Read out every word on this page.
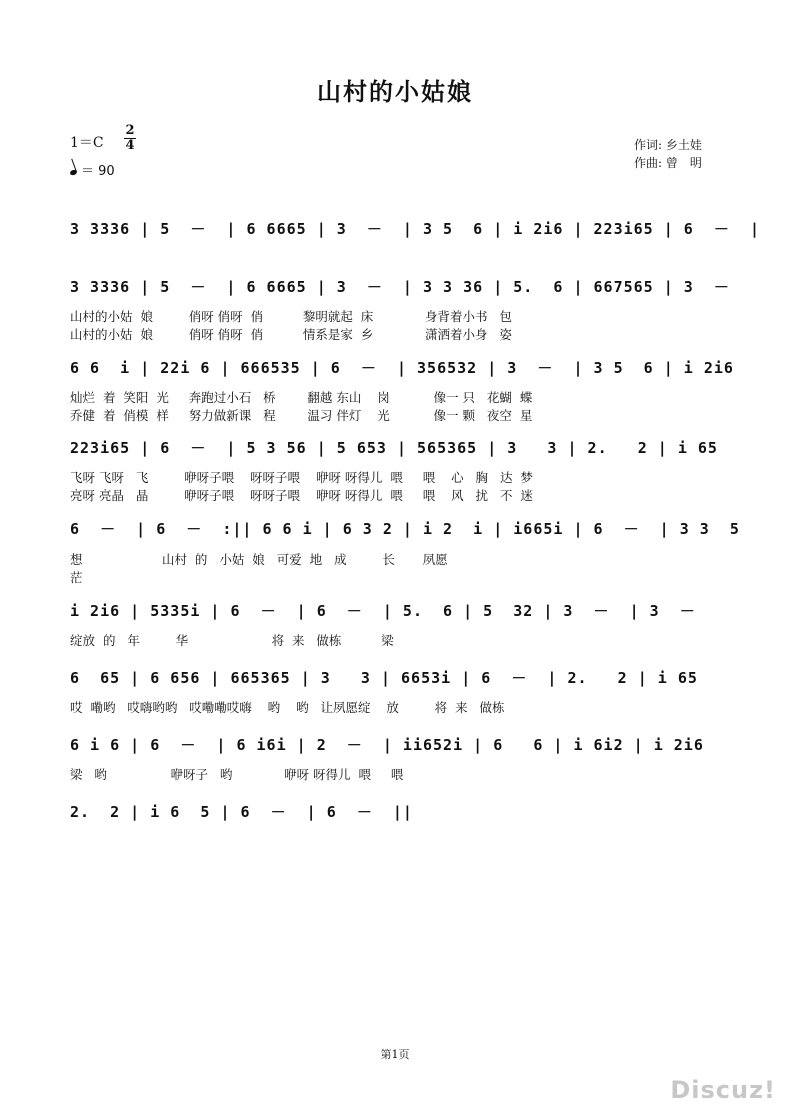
山村的小姑娘
1＝C
2
4
＝ 90
作词: 乡土娃
作曲: 曾　明
3 3336 | 5  －  | 6 6665 | 3  －  | 3 5  6 | i 2i6 | 223i65 | 6  －  |
3 3336 | 5  －  | 6 6665 | 3  －  | 3 3 36 | 5.  6 | 667565 | 3  －
山村的小姑  娘         俏呀 俏呀  俏          黎明就起  床             身背着小书   包
山村的小姑  娘         俏呀 俏呀  俏          情系是家  乡             潇洒着小身   姿
6 6  i | 22i 6 | 666535 | 6  －  | 356532 | 3  －  | 3 5  6 | i 2i6
灿烂  着  笑阳  光     奔跑过小石   桥        翻越 东山    岗           像一 只   花蝴  蝶
乔健  着  俏模  样     努力做新课   程        温习 伴灯    光           像一 颗   夜空  星
223i65 | 6  －  | 5 3 56 | 5 653 | 565365 | 3   3 | 2.   2 | i 65
飞呀 飞呀   飞         咿呀子喂    呀呀子喂    咿呀 呀得儿  喂     喂    心   胸   达  梦
亮呀 亮晶   晶         咿呀子喂    呀呀子喂    咿呀 呀得儿  喂     喂    风   扰   不  迷
6  －  | 6  －  :|| 6 6 i | 6 3 2 | i 2  i | i665i | 6  －  | 3 3  5
想                    山村  的   小姑  娘   可爱  地   成         长       夙愿
茫
i 2i6 | 5335i | 6  －  | 6  －  | 5.  6 | 5  32 | 3  －  | 3  －
绽放  的   年         华                     将  来   做栋          梁
6  65 | 6 656 | 665365 | 3   3 | 6653i | 6  －  | 2.   2 | i 65
哎  嘞哟   哎嗨哟哟   哎嘞嘞哎嗨    哟    哟   让夙愿绽    放         将  来   做栋
6 i 6 | 6  －  | 6 i6i | 2  －  | ii652i | 6   6 | i 6i2 | i 2i6
梁   哟                咿呀子   哟             咿呀 呀得儿  喂     喂
2.  2 | i 6  5 | 6  －  | 6  －  ||
第1页
Discuz!
